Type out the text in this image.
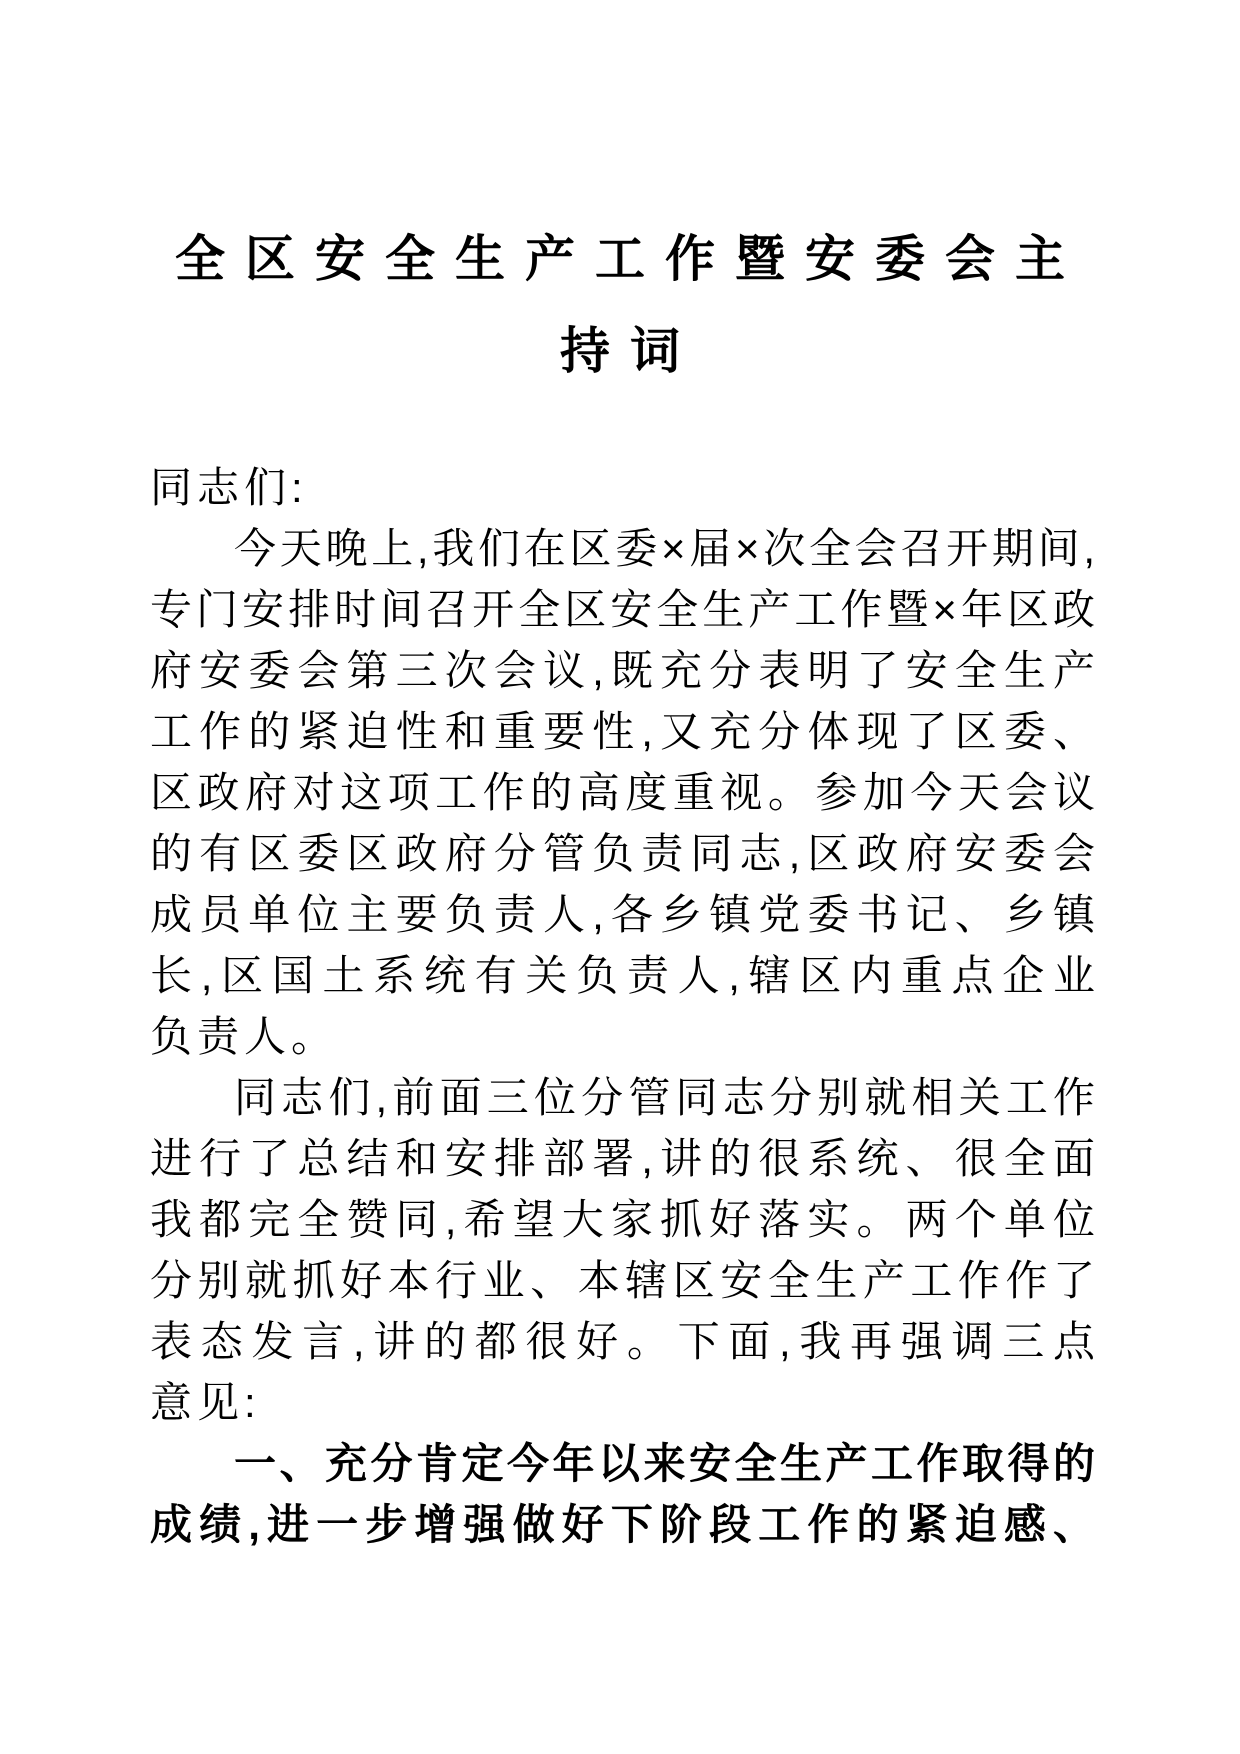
全区安全生产工作暨安委会主
持词
同志们:
今天晚上,我们在区委×届×次全会召开期间,
专门安排时间召开全区安全生产工作暨×年区政
府安委会第三次会议,既充分表明了安全生产
工作的紧迫性和重要性,又充分体现了区委、
区政府对这项工作的高度重视。参加今天会议
的有区委区政府分管负责同志,区政府安委会
成员单位主要负责人,各乡镇党委书记、乡镇
长,区国土系统有关负责人,辖区内重点企业
负责人。
同志们,前面三位分管同志分别就相关工作
进行了总结和安排部署,讲的很系统、很全面
我都完全赞同,希望大家抓好落实。两个单位
分别就抓好本行业、本辖区安全生产工作作了
表态发言,讲的都很好。下面,我再强调三点
意见:
一、充分肯定今年以来安全生产工作取得的
成绩,进一步增强做好下阶段工作的紧迫感、
